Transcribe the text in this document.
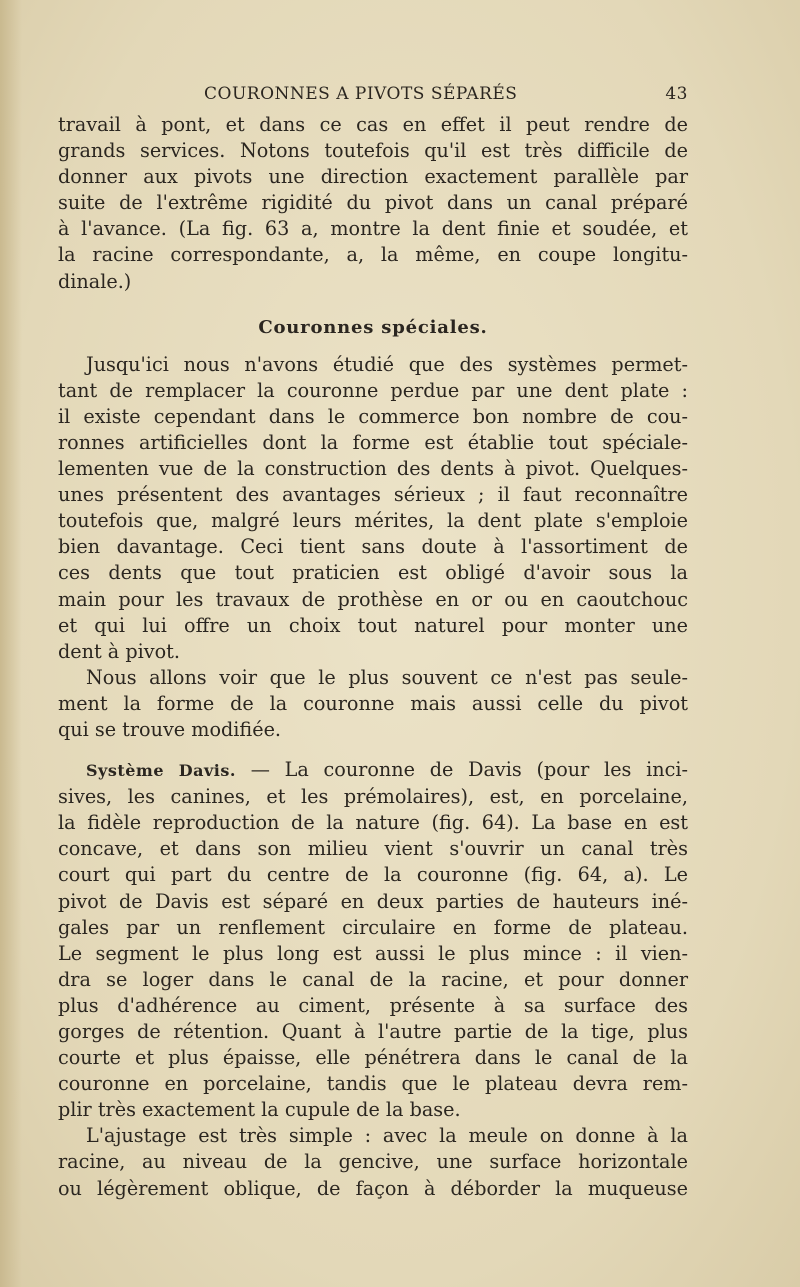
COURONNES A PIVOTS SÉPARÉS	43
travail à pont, et dans ce cas en effet il peut rendre de
grands services. Notons toutefois qu'il est très difficile de
donner aux pivots une direction exactement parallèle par
suite de l'extrême rigidité du pivot dans un canal préparé
à l'avance. (La fig. 63 a, montre la dent finie et soudée, et
la racine correspondante, a, la même, en coupe longitu-
dinale.)
Couronnes spéciales.
Jusqu'ici nous n'avons étudié que des systèmes permet-
tant de remplacer la couronne perdue par une dent plate :
il existe cependant dans le commerce bon nombre de cou-
ronnes artificielles dont la forme est établie tout spéciale-
lementen vue de la construction des dents à pivot. Quelques-
unes présentent des avantages sérieux ; il faut reconnaître
toutefois que, malgré leurs mérites, la dent plate s'emploie
bien davantage. Ceci tient sans doute à l'assortiment de
ces dents que tout praticien est obligé d'avoir sous la
main pour les travaux de prothèse en or ou en caoutchouc
et qui lui offre un choix tout naturel pour monter une
dent à pivot.
Nous allons voir que le plus souvent ce n'est pas seule-
ment la forme de la couronne mais aussi celle du pivot
qui se trouve modifiée.
Système Davis. — La couronne de Davis (pour les inci-
sives, les canines, et les prémolaires), est, en porcelaine,
la fidèle reproduction de la nature (fig. 64). La base en est
concave, et dans son milieu vient s'ouvrir un canal très
court qui part du centre de la couronne (fig. 64, a). Le
pivot de Davis est séparé en deux parties de hauteurs iné-
gales par un renflement circulaire en forme de plateau.
Le segment le plus long est aussi le plus mince : il vien-
dra se loger dans le canal de la racine, et pour donner
plus d'adhérence au ciment, présente à sa surface des
gorges de rétention. Quant à l'autre partie de la tige, plus
courte et plus épaisse, elle pénétrera dans le canal de la
couronne en porcelaine, tandis que le plateau devra rem-
plir très exactement la cupule de la base.
L'ajustage est très simple : avec la meule on donne à la
racine, au niveau de la gencive, une surface horizontale
ou légèrement oblique, de façon à déborder la muqueuse
